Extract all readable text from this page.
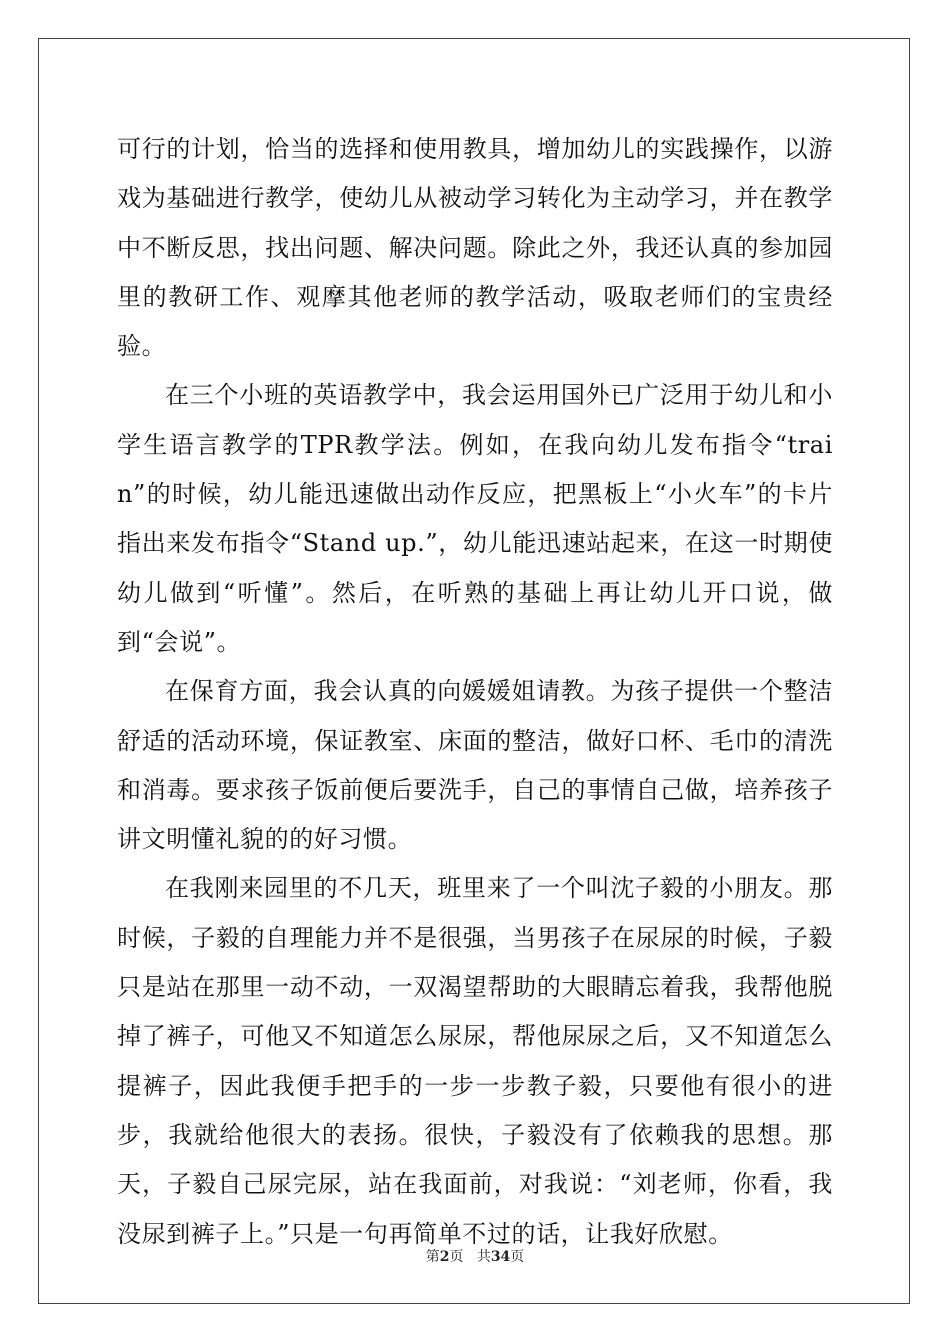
可行的计划，恰当的选择和使用教具，增加幼儿的实践操作，以游戏为基础进行教学，使幼儿从被动学习转化为主动学习，并在教学中不断反思，找出问题、解决问题。除此之外，我还认真的参加园里的教研工作、观摩其他老师的教学活动，吸取老师们的宝贵经验。

在三个小班的英语教学中，我会运用国外已广泛用于幼儿和小学生语言教学的TPR教学法。例如，在我向幼儿发布指令“train”的时候，幼儿能迅速做出动作反应，把黑板上“小火车”的卡片指出来发布指令“Stand up.”，幼儿能迅速站起来，在这一时期使幼儿做到“听懂”。然后，在听熟的基础上再让幼儿开口说，做到“会说”。

在保育方面，我会认真的向媛媛姐请教。为孩子提供一个整洁舒适的活动环境，保证教室、床面的整洁，做好口杯、毛巾的清洗和消毒。要求孩子饭前便后要洗手，自己的事情自己做，培养孩子讲文明懂礼貌的的好习惯。

在我刚来园里的不几天，班里来了一个叫沈子毅的小朋友。那时候，子毅的自理能力并不是很强，当男孩子在尿尿的时候，子毅只是站在那里一动不动，一双渴望帮助的大眼睛忘着我，我帮他脱掉了裤子，可他又不知道怎么尿尿，帮他尿尿之后，又不知道怎么提裤子，因此我便手把手的一步一步教子毅，只要他有很小的进步，我就给他很大的表扬。很快，子毅没有了依赖我的思想。那天，子毅自己尿完尿，站在我面前，对我说：“刘老师，你看，我没尿到裤子上。”只是一句再简单不过的话，让我好欣慰。

第2页 共34页
